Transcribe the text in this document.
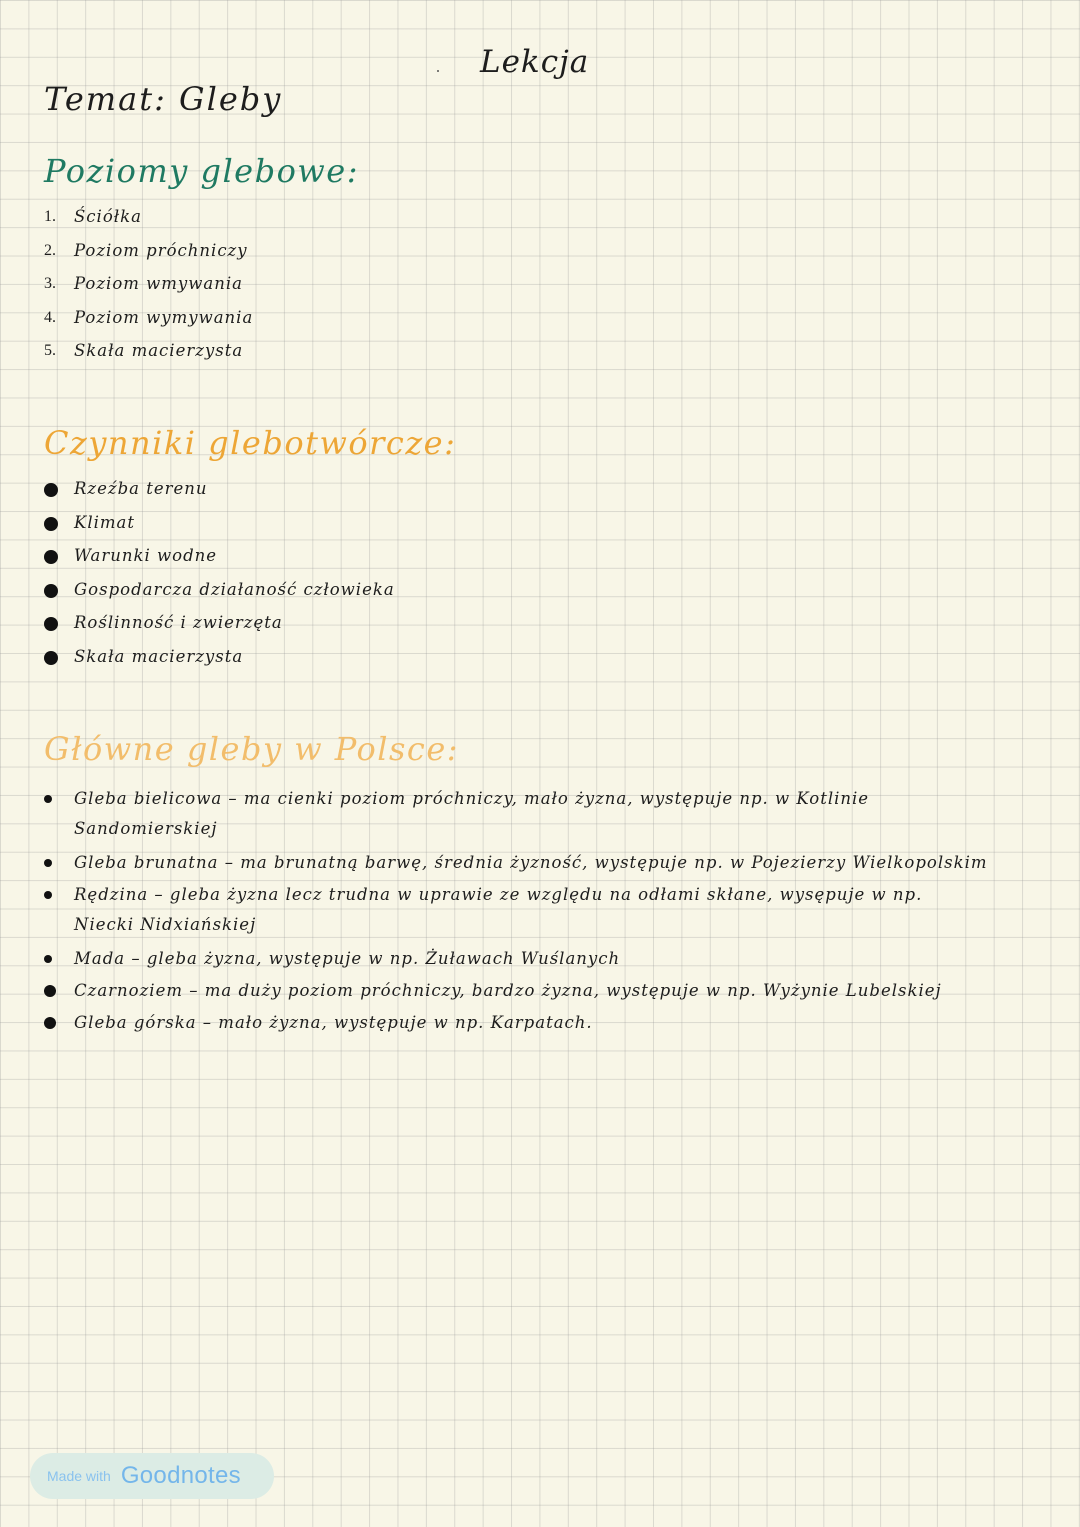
Lekcja
Temat: Gleby
Poziomy glebowe:
1. Ściółka
2. Poziom próchniczy
3. Poziom wmywania
4. Poziom wymywania
5. Skała macierzysta
Czynniki glebotwórcze:
Rzeźba terenu
Klimat
Warunki wodne
Gospodarcza działaność człowieka
Roślinność i zwierzęta
Skała macierzysta
Główne gleby w Polsce:
Gleba bielicowa – ma cienki poziom próchniczy, mało żyzna, występuje np. w Kotlinie Sandomierskiej
Gleba brunatna – ma brunatną barwę, średnia żyzność, występuje np. w Pojezierzy Wielkopolskim
Rędzina – gleba żyzna lecz trudna w uprawie ze względu na odłami skłane, wysępuje w np. Niecki Nidxiańskiej
Mada – gleba żyzna, występuje w np. Żuławach Wuślanych
Czarnoziem – ma duży poziom próchniczy, bardzo żyzna, występuje w np. Wyżynie Lubelskiej
Gleba górska – mało żyzna, występuje w np. Karpatach.
Made with Goodnotes
